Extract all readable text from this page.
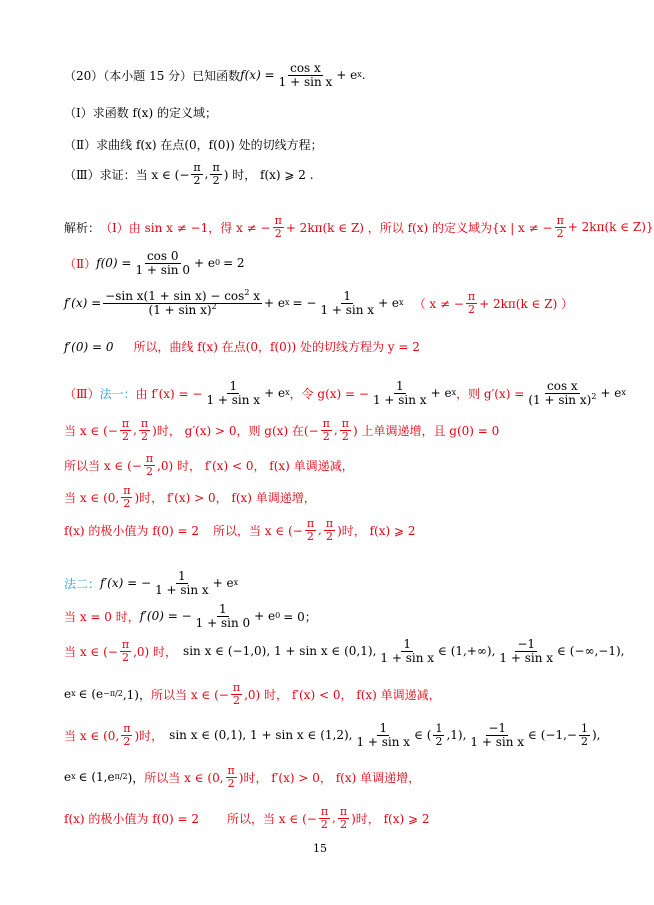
（20）（本小题 15 分）已知函数 $f(x) = \frac{\text{cos x}}{\text{1 + sin x}} + e$ x .
（Ⅰ）求函数 f(x) 的定义域；
（Ⅱ）求曲线 f(x) 在点(0，f(0)) 处的切线方程；
（Ⅲ）求证：当 x ∈ (− $\frac{\pi}{2}$ , $\frac{\pi}{2}$ ) 时， f(x) ⩾ 2 .
解析： （Ⅰ）由 sin x ≠ −1，得 x ≠ − $\frac{\pi}{2} + 2k\pi(k$ ∈ Z) ，所以 f(x) 的定义域为{x | x ≠ − $\frac{\pi}{2} + 2k\pi(k$ ∈ Z)}
（Ⅱ） $f(0) = \frac{\cos 0}{1 + \sin 0} + e$ 0 = 2
$f'(x) = \frac{-\sin x(1 + \sin x) - \cos^2 x}{(1 + \sin x)^2} + e$ x = − $\frac{1}{\text{1 + sin x}} + e$ x （ x ≠ − $\frac{\pi}{2} + 2k\pi(k$ ∈ Z) ）
f′(0) = 0 所以，曲线 f(x) 在点(0，f(0)) 处的切线方程为 y = 2
（Ⅲ） 法一： 由 f′(x) = − $\frac{1}{\text{1 + sin x}} + e$ x ，令 g(x) = − $\frac{1}{\text{1 + sin x}} + e$ x ，则 $g'(x) = \frac{\text{cos x}}{(1 + \sin x)^2} + e$ x
当 x ∈ (− $\frac{\pi}{2}$ , $\frac{\pi}{2}$ )时， g′(x) > 0，则 g(x) 在(− $\frac{\pi}{2}$ , $\frac{\pi}{2}$ ) 上单调递增，且 g(0) = 0
所以当 x ∈ (− $\frac{\pi}{2} ,0$) 时， f′(x) < 0， f(x) 单调递减，
当 x ∈ (0, $\frac{\pi}{2}$ )时， f′(x) > 0， f(x) 单调递增，
f(x) 的极小值为 f(0) = 2 所以，当 x ∈ (− $\frac{\pi}{2}$ , $\frac{\pi}{2}$ )时， f(x) ⩾ 2
法二： f′(x) = − $\frac{1}{\text{1 + sin x}} + e$ x
当 x = 0 时， f′(0) = − $\frac{1}{1 + \sin 0} + e$ 0 = 0；
当 x ∈ (− $\frac{\pi}{2} ,0$) 时， sin x ∈ (−1,0), 1 + sin x ∈ (0,1), $\frac{1}{\text{1 + sin x}}$ ∈ (1,+∞), $\frac{-1}{\text{1 + sin x}}$ ∈ (−∞,−1),
e x ∈ (e −π/2 ,1)， 所以当 x ∈ (− $\frac{\pi}{2} ,0$) 时， f′(x) < 0， f(x) 单调递减，
当 x ∈ (0, $\frac{\pi}{2}$ )时， sin x ∈ (0,1), 1 + sin x ∈ (1,2), $\frac{1}{\text{1 + sin x}}$ ∈ ( $\frac{1}{2} ,1$), $\frac{-1}{\text{1 + sin x}}$ ∈ ($-1,- \frac{1}{2}$ ),
e x ∈ (1,e π/2 )， 所以当 x ∈ (0, $\frac{\pi}{2}$ )时， f′(x) > 0， f(x) 单调递增，
f(x) 的极小值为 f(0) = 2 所以，当 x ∈ (− $\frac{\pi}{2}$ , $\frac{\pi}{2}$ )时， f(x) ⩾ 2
15
